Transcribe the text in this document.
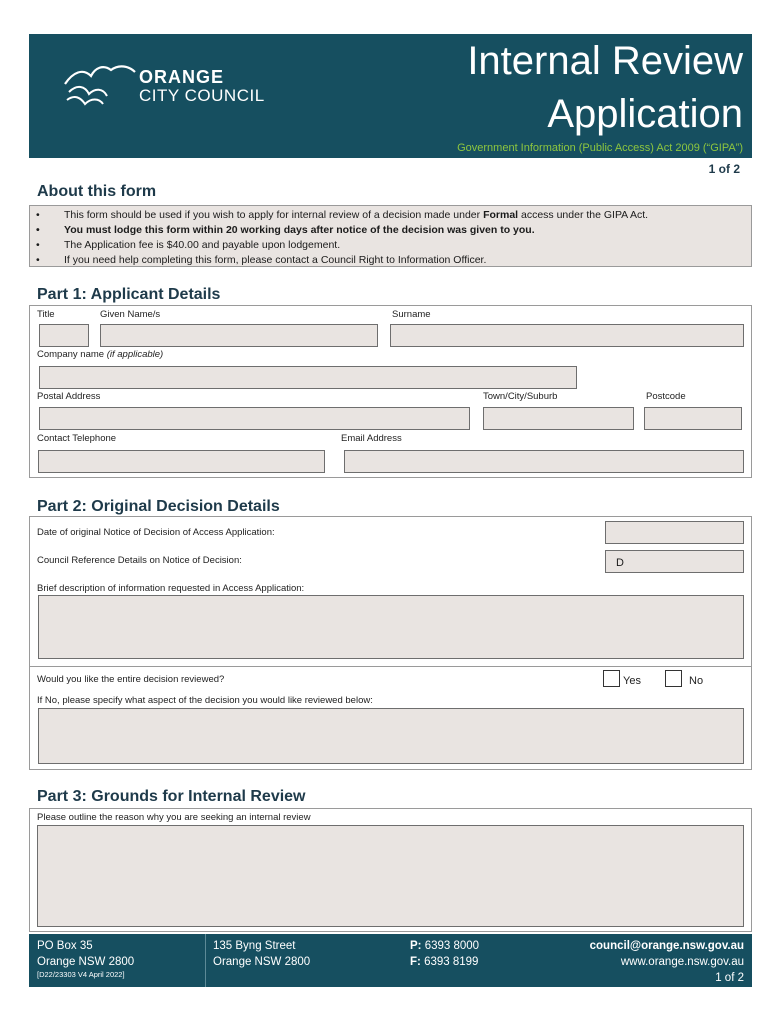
ORANGE
CITY COUNCIL
Internal Review
Application
Government Information (Public Access) Act 2009 (“GIPA”)
1 of 2
About this form
• This form should be used if you wish to apply for internal review of a decision made under Formal access under the GIPA Act.
• You must lodge this form within 20 working days after notice of the decision was given to you.
• The Application fee is $40.00 and payable upon lodgement.
• If you need help completing this form, please contact a Council Right to Information Officer.
Part 1: Applicant Details
Title	Given Name/s	Surname
Company name (if applicable)
Postal Address	Town/City/Suburb	Postcode
Contact Telephone	Email Address
Part 2: Original Decision Details
Date of original Notice of Decision of Access Application:
Council Reference Details on Notice of Decision:	D
Brief description of information requested in Access Application:
Would you like the entire decision reviewed?	Yes	No
If No, please specify what aspect of the decision you would like reviewed below:
Part 3: Grounds for Internal Review
Please outline the reason why you are seeking an internal review
PO Box 35
Orange NSW 2800
[D22/23303 V4 April 2022]
135 Byng Street
Orange NSW 2800
P: 6393 8000
F: 6393 8199
council@orange.nsw.gov.au
www.orange.nsw.gov.au
1 of 2
